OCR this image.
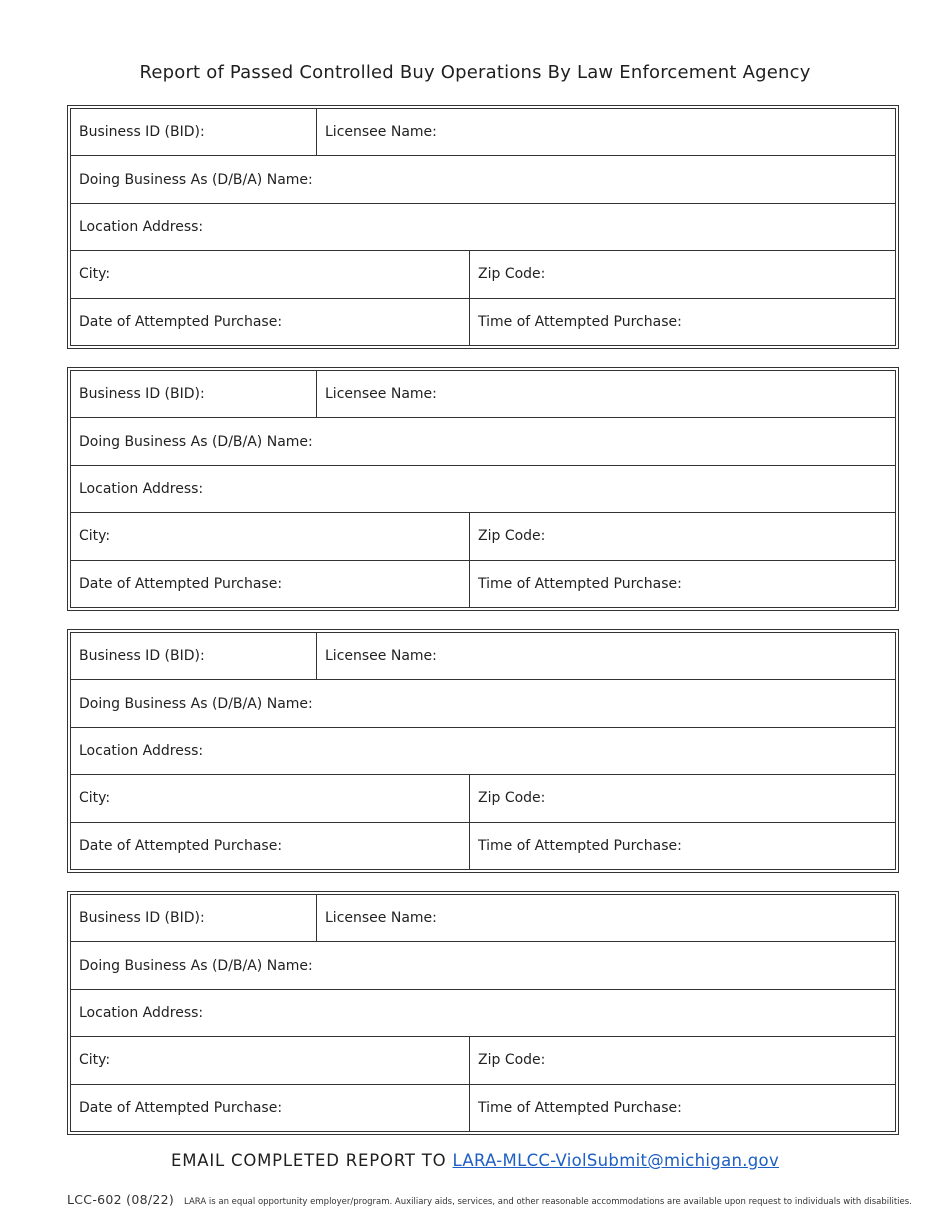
Report of Passed Controlled Buy Operations By Law Enforcement Agency
Business ID (BID):	Licensee Name:
Doing Business As (D/B/A) Name:
Location Address:
City:	Zip Code:
Date of Attempted Purchase:	Time of Attempted Purchase:
Business ID (BID):	Licensee Name:
Doing Business As (D/B/A) Name:
Location Address:
City:	Zip Code:
Date of Attempted Purchase:	Time of Attempted Purchase:
Business ID (BID):	Licensee Name:
Doing Business As (D/B/A) Name:
Location Address:
City:	Zip Code:
Date of Attempted Purchase:	Time of Attempted Purchase:
Business ID (BID):	Licensee Name:
Doing Business As (D/B/A) Name:
Location Address:
City:	Zip Code:
Date of Attempted Purchase:	Time of Attempted Purchase:
EMAIL COMPLETED REPORT TO LARA-MLCC-ViolSubmit@michigan.gov
LCC-602 (08/22) LARA is an equal opportunity employer/program. Auxiliary aids, services, and other reasonable accommodations are available upon request to individuals with disabilities.
